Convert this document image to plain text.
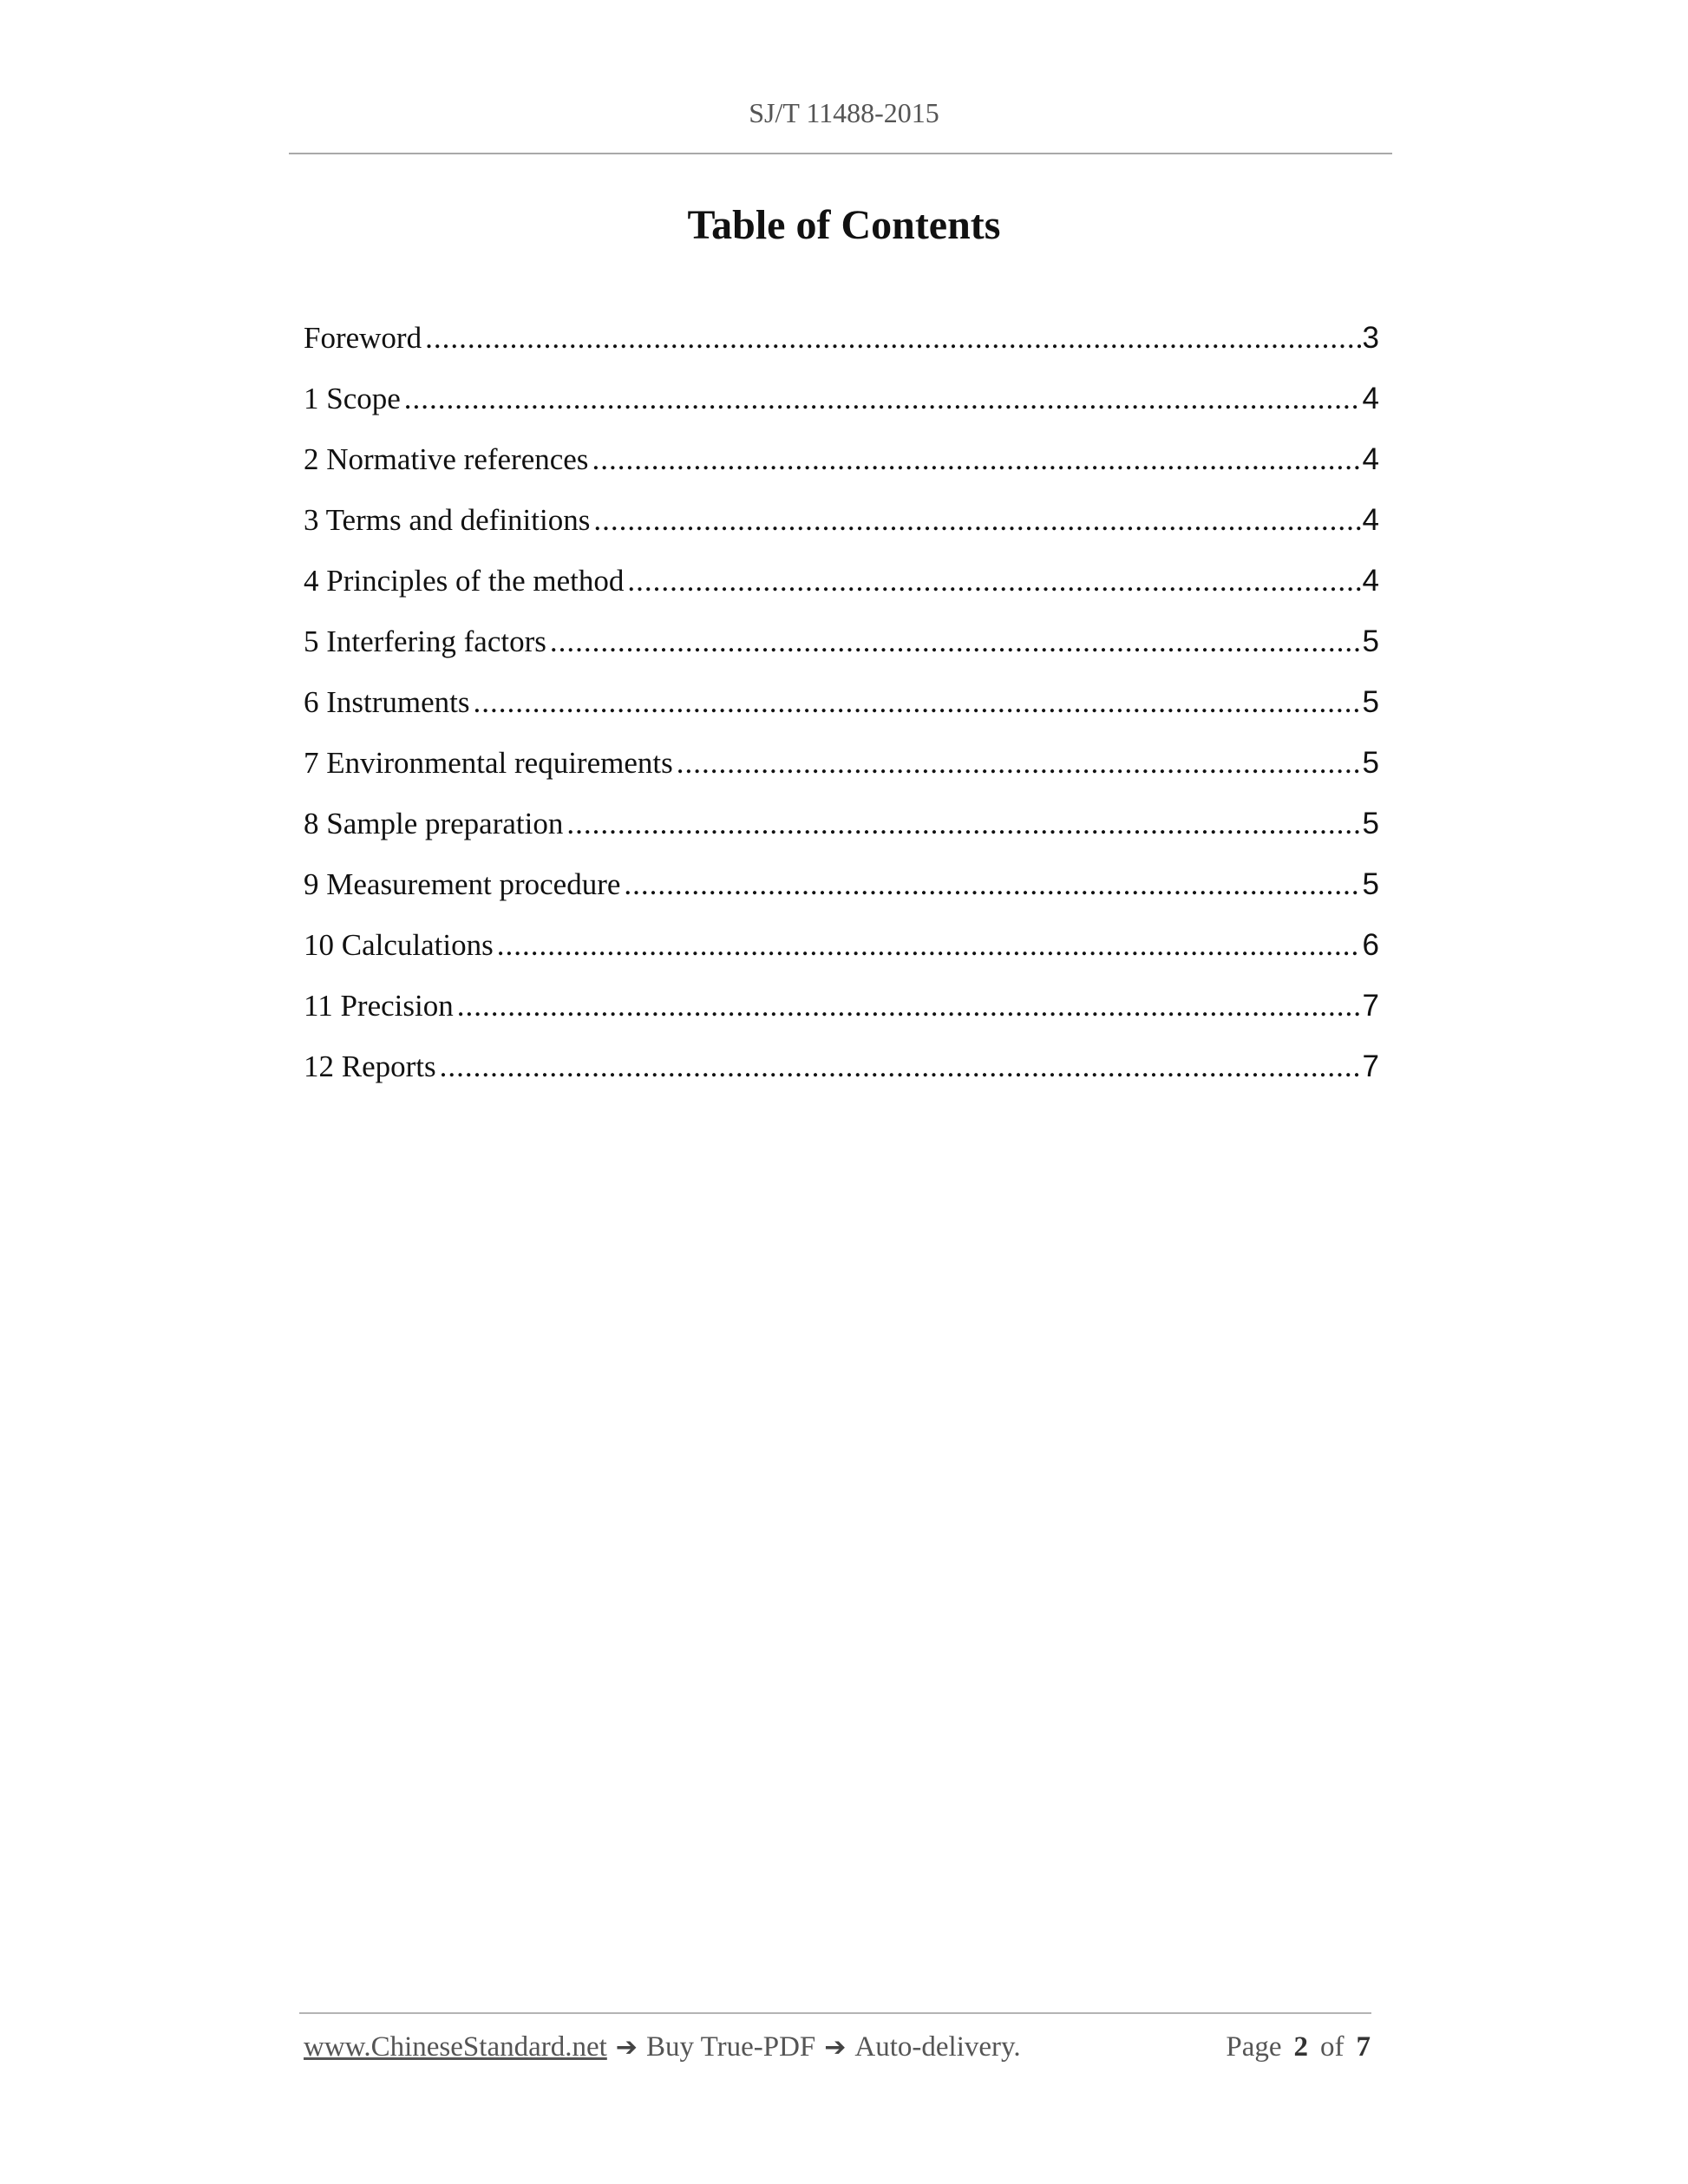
SJ/T 11488-2015
Table of Contents
Foreword .....	3
1 Scope .....	4
2 Normative references .....	4
3 Terms and definitions .....	4
4 Principles of the method .....	4
5 Interfering factors .....	5
6 Instruments .....	5
7 Environmental requirements .....	5
8 Sample preparation .....	5
9 Measurement procedure .....	5
10 Calculations .....	6
11 Precision .....	7
12 Reports .....	7
www.ChineseStandard.net ➔ Buy True-PDF ➔ Auto-delivery.	Page 2 of 7
